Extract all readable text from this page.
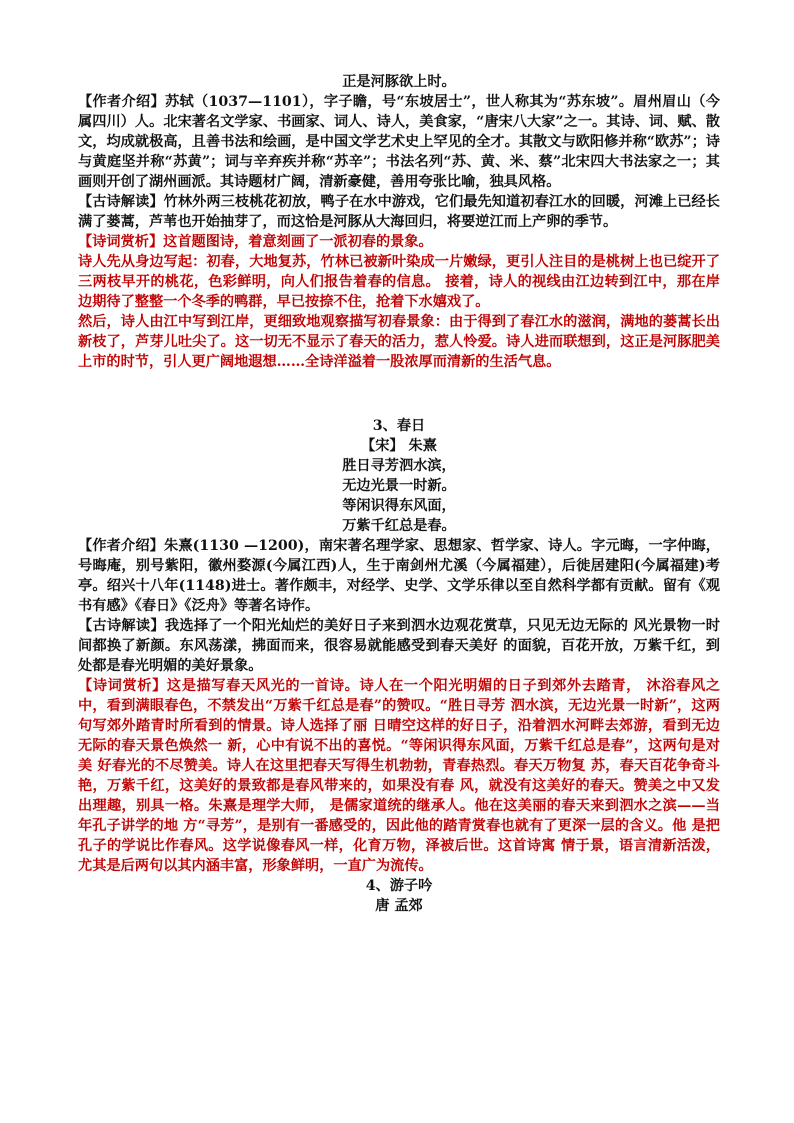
正是河豚欲上时。

【作者介绍】苏轼（1037—1101），字子瞻，号“东坡居士”，世人称其为“苏东坡”。眉州眉山（今属四川）人。北宋著名文学家、书画家、词人、诗人，美食家，“唐宋八大家”之一。其诗、词、赋、散文，均成就极高，且善书法和绘画，是中国文学艺术史上罕见的全才。其散文与欧阳修并称“欧苏”；诗与黄庭坚并称“苏黄”；词与辛弃疾并称“苏辛”；书法名列“苏、黄、米、蔡”北宋四大书法家之一；其画则开创了湖州画派。其诗题材广阔，清新豪健，善用夸张比喻，独具风格。

【古诗解读】竹林外两三枝桃花初放，鸭子在水中游戏，它们最先知道初春江水的回暖，河滩上已经长满了蒌蒿，芦苇也开始抽芽了，而这恰是河豚从大海回归，将要逆江而上产卵的季节。

【诗词赏析】这首题图诗，着意刻画了一派初春的景象。

诗人先从身边写起：初春，大地复苏，竹林已被新叶染成一片嫩绿，更引人注目的是桃树上也已绽开了三两枝早开的桃花，色彩鲜明，向人们报告着春的信息。 接着，诗人的视线由江边转到江中，那在岸边期待了整整一个冬季的鸭群，早已按捺不住，抢着下水嬉戏了。

然后，诗人由江中写到江岸，更细致地观察描写初春景象：由于得到了春江水的滋润，满地的蒌蒿长出新枝了，芦芽儿吐尖了。这一切无不显示了春天的活力，惹人怜爱。诗人进而联想到，这正是河豚肥美上市的时节，引人更广阔地遐想……全诗洋溢着一股浓厚而清新的生活气息。

3、春日

【宋】 朱熹

胜日寻芳泗水滨，

无边光景一时新。

等闲识得东风面，

万紫千红总是春。

【作者介绍】朱熹(1130 —1200)，南宋著名理学家、思想家、哲学家、诗人。字元晦，一字仲晦，号晦庵，别号紫阳，徽州婺源(今属江西)人，生于南剑州尤溪（今属福建），后徙居建阳(今属福建)考亭。绍兴十八年(1148)进士。著作颇丰，对经学、史学、文学乐律以至自然科学都有贡献。留有《观书有感》《春日》《泛舟》等著名诗作。

【古诗解读】我选择了一个阳光灿烂的美好日子来到泗水边观花赏草，只见无边无际的 风光景物一时间都换了新颜。东风荡漾，拂面而来，很容易就能感受到春天美好 的面貌，百花开放，万紫千红，到处都是春光明媚的美好景象。

【诗词赏析】这是描写春天风光的一首诗。诗人在一个阳光明媚的日子到郊外去踏青， 沐浴春风之中，看到满眼春色，不禁发出“万紫千红总是春”的赞叹。“胜日寻芳 泗水滨，无边光景一时新”，这两句写郊外踏青时所看到的情景。诗人选择了丽 日晴空这样的好日子，沿着泗水河畔去郊游，看到无边无际的春天景色焕然一 新，心中有说不出的喜悦。“等闲识得东风面，万紫千红总是春”，这两句是对美 好春光的不尽赞美。诗人在这里把春天写得生机勃勃，青春热烈。春天万物复 苏，春天百花争奇斗艳，万紫千红，这美好的景致都是春风带来的，如果没有春 风，就没有这美好的春天。赞美之中又发出理趣，别具一格。朱熹是理学大师， 是儒家道统的继承人。他在这美丽的春天来到泗水之滨——当年孔子讲学的地 方“寻芳”，是别有一番感受的，因此他的踏青赏春也就有了更深一层的含义。他 是把孔子的学说比作春风。这学说像春风一样，化育万物，泽被后世。这首诗寓 情于景，语言清新活泼，尤其是后两句以其内涵丰富，形象鲜明，一直广为流传。

4、游子吟

唐 孟郊
